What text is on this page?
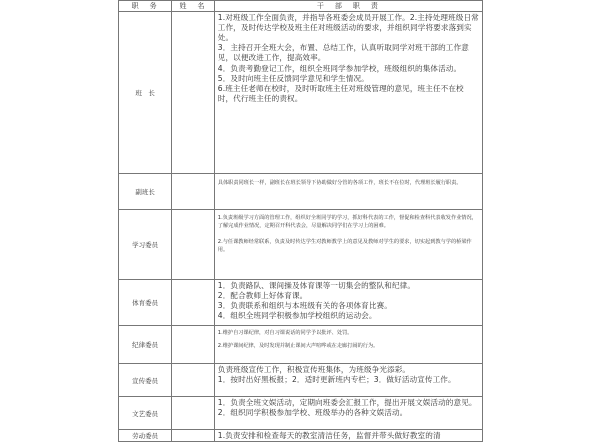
职　务	姓　名	干　部　职　责
班　长		1.对班级工作全面负责，并指导各班委会成员开展工作。2.主持处理班级日常工作，及时传达学校及班主任对班级活动的要求，并组织同学将要求落到实处。

3．主持召开全班大会，布置、总结工作，认真听取同学对班干部的工作意见，以便改进工作，提高效率。

4．负责考勤登记工作，组织全班同学参加学校，班级组织的集体活动。

5．及时向班主任反馈同学意见和学生情况。

6.班主任老师在校时，及时听取班主任对班级管理的意见，班主任不在校时，代行班主任的责权。

副班长		具体职责同班长一样，副班长在班长领导下协助做好分管的各项工作，班长不在位时，代理班长履行职责。

学习委员		1.负责班级学习方面的管理工作，组织好全班同学的学习，抓好科代表的工作，督促和检查科代表收发作业情况，了解完成作业情况，定期召开科代表会，尽量解决同学们在学习上的困难。

2.与任课教师经常联系，负责及时传达学生对教师教学上的意见及教师对学生的要求，切实起到教与学的桥梁作用。

体育委员		1．负责路队、课间操及体育课等一切集会的整队和纪律。

2．配合教师上好体育课。

3．负责联系和组织与本班级有关的各项体育比赛。

4．组织全班同学积极参加学校组织的运动会。

纪律委员		1.维护自习课纪律，对自习课说话的同学予以批评、处罚。

2.维护课间纪律，及时发现并制止课间大声喧哗或在走廊打闹的行为。

宣传委员		负责班级宣传工作，积极宣传班集体，为班级争光添彩。

1．按时出好黑板报；2．适时更新班内专栏；3．做好活动宣传工作。

文艺委员		1．负责全班文娱活动，定期向班委会汇报工作，提出开展文娱活动的意见。

2．组织同学积极参加学校、班级举办的各种文娱活动。

劳动委员		1.负责安排和检查每天的教室清洁任务，监督并带头做好教室的清
